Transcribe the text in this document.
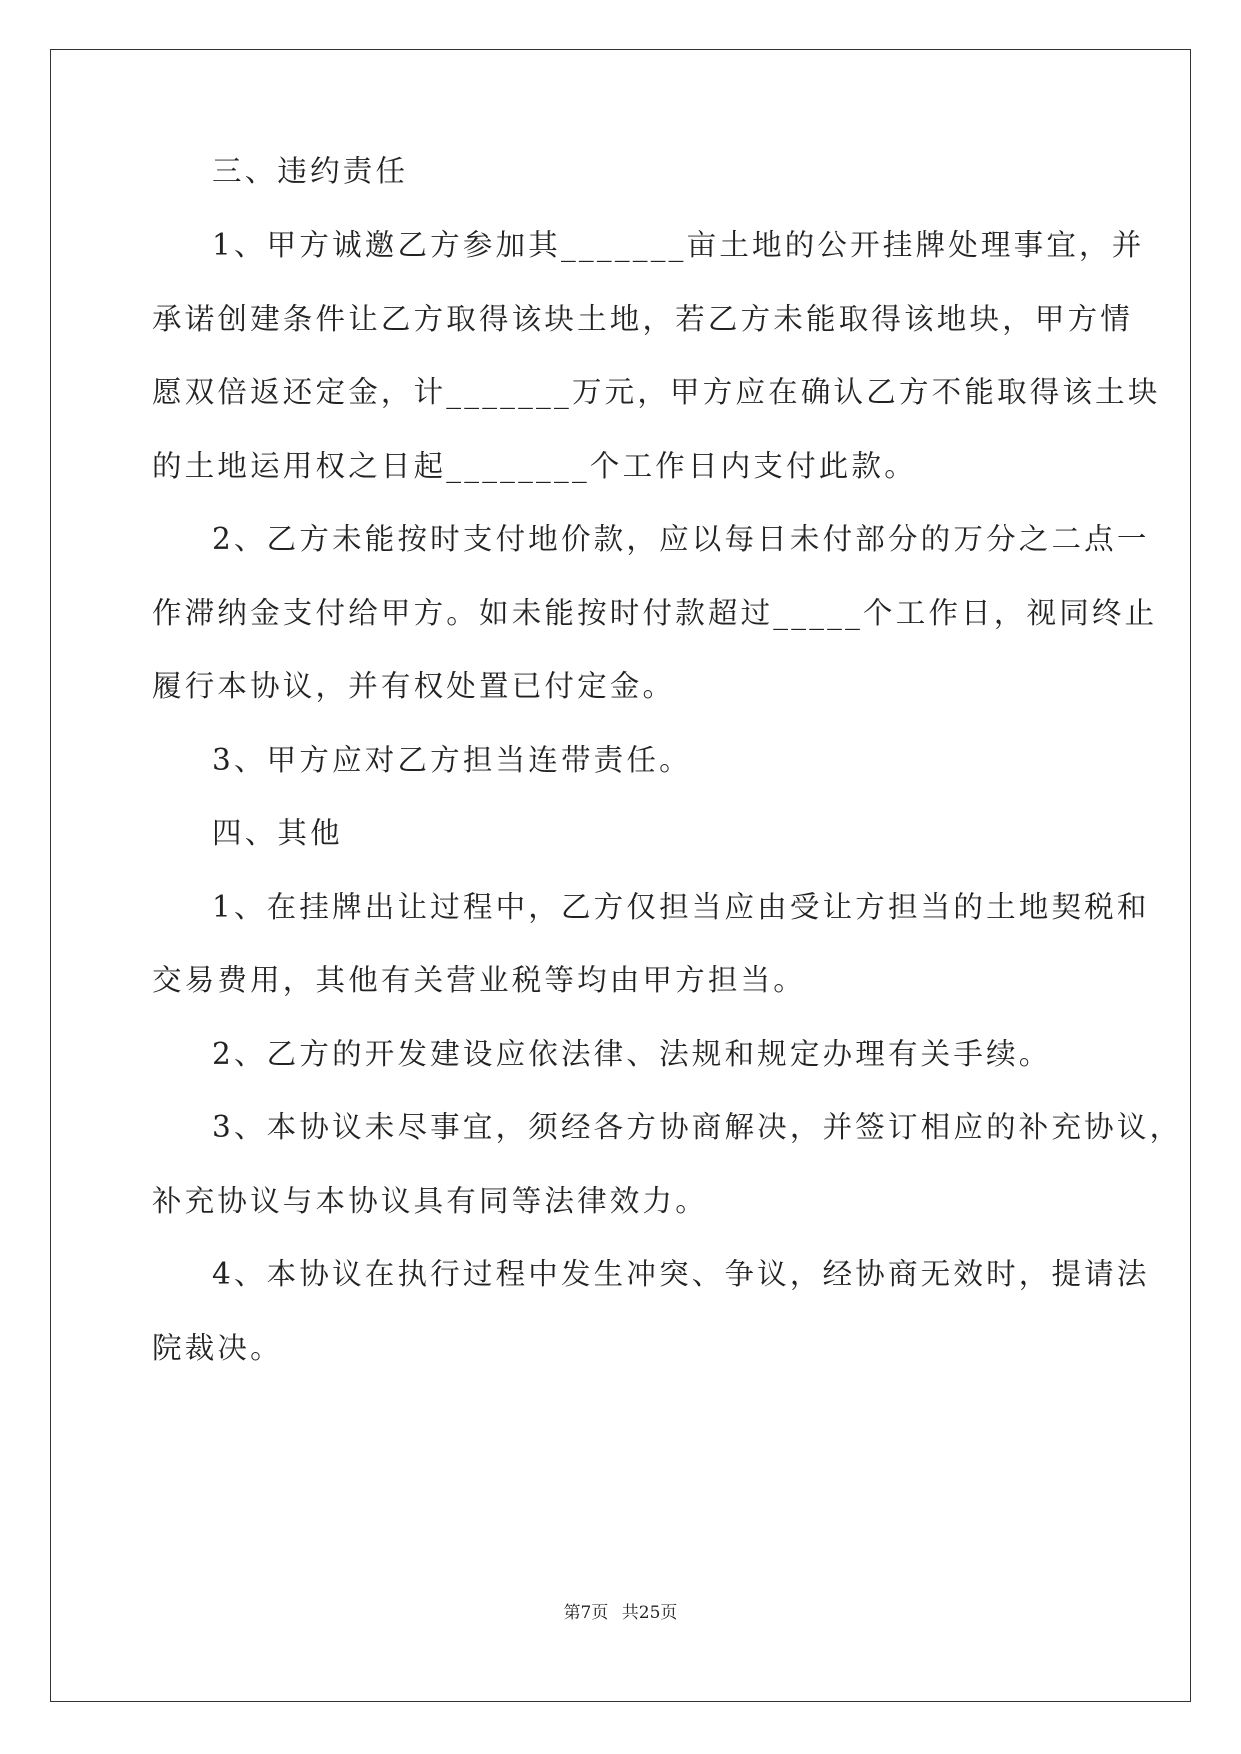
三、违约责任
1、甲方诚邀乙方参加其_______亩土地的公开挂牌处理事宜，并
承诺创建条件让乙方取得该块土地，若乙方未能取得该地块，甲方情
愿双倍返还定金，计_______万元，甲方应在确认乙方不能取得该土块
的土地运用权之日起________个工作日内支付此款。
2、乙方未能按时支付地价款，应以每日未付部分的万分之二点一
作滞纳金支付给甲方。如未能按时付款超过_____个工作日，视同终止
履行本协议，并有权处置已付定金。
3、甲方应对乙方担当连带责任。
四、其他
1、在挂牌出让过程中，乙方仅担当应由受让方担当的土地契税和
交易费用，其他有关营业税等均由甲方担当。
2、乙方的开发建设应依法律、法规和规定办理有关手续。
3、本协议未尽事宜，须经各方协商解决，并签订相应的补充协议，
补充协议与本协议具有同等法律效力。
4、本协议在执行过程中发生冲突、争议，经协商无效时，提请法
院裁决。
第7页 共25页
